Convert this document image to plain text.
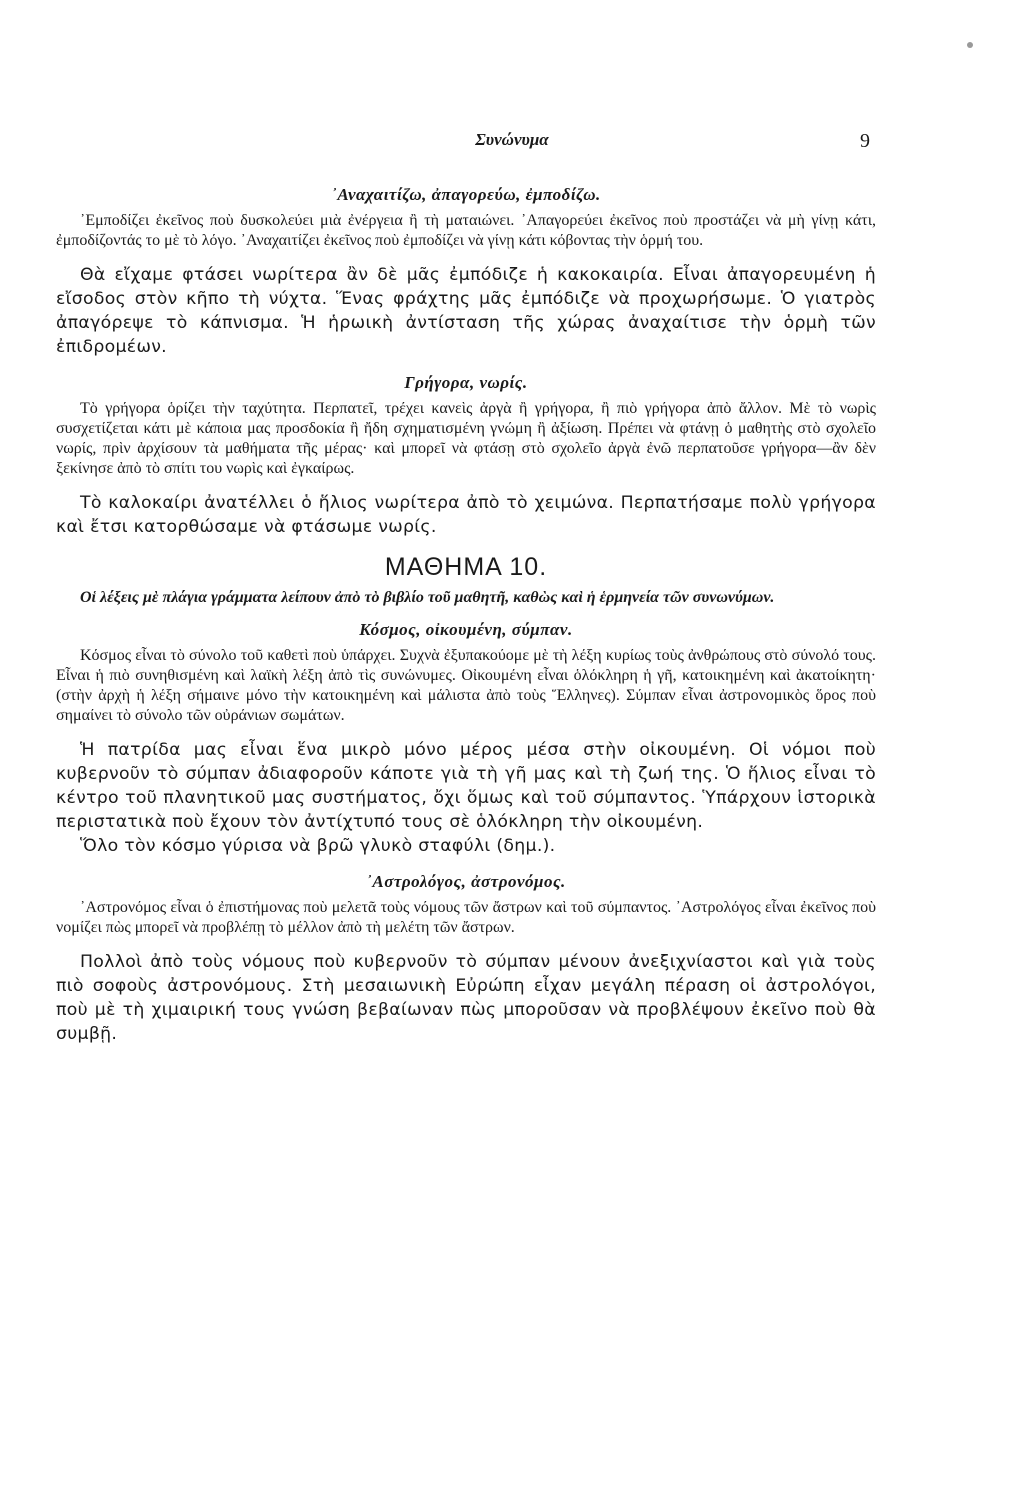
Συνώνυμα	9
᾽Αναχαιτίζω, ἀπαγορεύω, ἐμποδίζω.

᾽Εμποδίζει ἐκεῖνος ποὺ δυσκολεύει μιὰ ἐνέργεια ἢ τὴ ματαιώνει. ᾽Απαγορεύει ἐκεῖνος ποὺ προστάζει νὰ μὴ γίνῃ κάτι, ἐμποδίζοντάς το μὲ τὸ λόγο. ᾽Αναχαιτίζει ἐκεῖνος ποὺ ἐμποδίζει νὰ γίνῃ κάτι κόβοντας τὴν ὁρμή του.

Θὰ εἴχαμε φτάσει νωρίτερα ἂν δὲ μᾶς ἐμπόδιζε ἡ κακοκαιρία. Εἶναι ἀπαγορευμένη ἡ εἴσοδος στὸν κῆπο τὴ νύχτα. Ἕνας φράχτης μᾶς ἐμπόδιζε νὰ προχωρήσωμε. Ὁ γιατρὸς ἀπαγόρεψε τὸ κάπνισμα. Ἡ ἡρωικὴ ἀντίσταση τῆς χώρας ἀναχαίτισε τὴν ὁρμὴ τῶν ἐπιδρομέων.

Γρήγορα, νωρίς.

Τὸ γρήγορα ὁρίζει τὴν ταχύτητα. Περπατεῖ, τρέχει κανεὶς ἀργὰ ἢ γρήγορα, ἢ πιὸ γρήγορα ἀπὸ ἄλλον. Μὲ τὸ νωρὶς συσχετίζεται κάτι μὲ κάποια μας προσδοκία ἢ ἤδη σχηματισμένη γνώμη ἢ ἀξίωση. Πρέπει νὰ φτάνῃ ὁ μαθητὴς στὸ σχολεῖο νωρίς, πρὶν ἀρχίσουν τὰ μαθήματα τῆς μέρας· καὶ μπορεῖ νὰ φτάσῃ στὸ σχολεῖο ἀργὰ ἐνῶ περπατοῦσε γρήγορα—ἂν δὲν ξεκίνησε ἀπὸ τὸ σπίτι του νωρὶς καὶ ἐγκαίρως.

Τὸ καλοκαίρι ἀνατέλλει ὁ ἥλιος νωρίτερα ἀπὸ τὸ χειμώνα. Περπατήσαμε πολὺ γρήγορα καὶ ἔτσι κατορθώσαμε νὰ φτάσωμε νωρίς.

ΜΑΘΗΜΑ 10.

Οἱ λέξεις μὲ πλάγια γράμματα λείπουν ἀπὸ τὸ βιβλίο τοῦ μαθητῆ, καθὼς καὶ ἡ ἑρμηνεία τῶν συνωνύμων.

Κόσμος, οἰκουμένη, σύμπαν.

Κόσμος εἶναι τὸ σύνολο τοῦ καθετὶ ποὺ ὑπάρχει. Συχνὰ ἐξυπακούομε μὲ τὴ λέξη κυρίως τοὺς ἀνθρώπους στὸ σύνολό τους. Εἶναι ἡ πιὸ συνηθισμένη καὶ λαϊκὴ λέξη ἀπὸ τὶς συνώνυμες. Οἰκουμένη εἶναι ὁλόκληρη ἡ γῆ, κατοικημένη καὶ ἀκατοίκητη· (στὴν ἀρχὴ ἡ λέξη σήμαινε μόνο τὴν κατοικημένη καὶ μάλιστα ἀπὸ τοὺς Ἕλληνες). Σύμπαν εἶναι ἀστρονομικὸς ὅρος ποὺ σημαίνει τὸ σύνολο τῶν οὐράνιων σωμάτων.

Ἡ πατρίδα μας εἶναι ἕνα μικρὸ μόνο μέρος μέσα στὴν οἰκουμένη. Οἱ νόμοι ποὺ κυβερνοῦν τὸ σύμπαν ἀδιαφοροῦν κάποτε γιὰ τὴ γῆ μας καὶ τὴ ζωή της. Ὁ ἥλιος εἶναι τὸ κέντρο τοῦ πλανητικοῦ μας συστήματος, ὄχι ὅμως καὶ τοῦ σύμπαντος. Ὑπάρχουν ἱστορικὰ περιστατικὰ ποὺ ἔχουν τὸν ἀντίχτυπό τους σὲ ὁλόκληρη τὴν οἰκουμένη.

Ὅλο τὸν κόσμο γύρισα νὰ βρῶ γλυκὸ σταφύλι (δημ.).

᾽Αστρολόγος, ἀστρονόμος.

᾽Αστρονόμος εἶναι ὁ ἐπιστήμονας ποὺ μελετᾶ τοὺς νόμους τῶν ἄστρων καὶ τοῦ σύμπαντος. ᾽Αστρολόγος εἶναι ἐκεῖνος ποὺ νομίζει πὼς μπορεῖ νὰ προβλέπῃ τὸ μέλλον ἀπὸ τὴ μελέτη τῶν ἄστρων.

Πολλοὶ ἀπὸ τοὺς νόμους ποὺ κυβερνοῦν τὸ σύμπαν μένουν ἀνεξιχνίαστοι καὶ γιὰ τοὺς πιὸ σοφοὺς ἀστρονόμους. Στὴ μεσαιωνικὴ Εὐρώπη εἶχαν μεγάλη πέραση οἱ ἀστρολόγοι, ποὺ μὲ τὴ χιμαιρική τους γνώση βεβαίωναν πὼς μποροῦσαν νὰ προβλέψουν ἐκεῖνο ποὺ θὰ συμβῇ.
